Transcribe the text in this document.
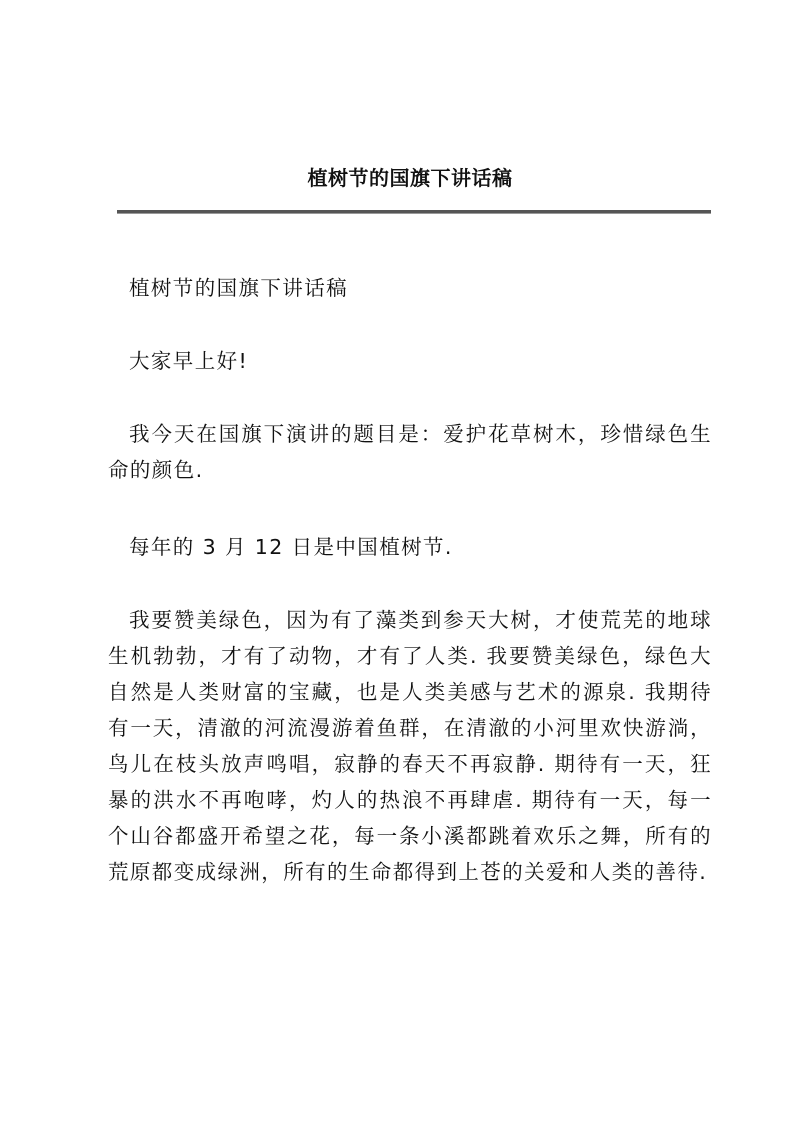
植树节的国旗下讲话稿

植树节的国旗下讲话稿

大家早上好!

我今天在国旗下演讲的题目是：爱护花草树木，珍惜绿色生命的颜色.

每年的 3 月 12 日是中国植树节.

我要赞美绿色，因为有了藻类到参天大树，才使荒芜的地球生机勃勃，才有了动物，才有了人类. 我要赞美绿色，绿色大自然是人类财富的宝藏，也是人类美感与艺术的源泉. 我期待有一天，清澈的河流漫游着鱼群，在清澈的小河里欢快游淌，鸟儿在枝头放声鸣唱，寂静的春天不再寂静. 期待有一天，狂暴的洪水不再咆哮，灼人的热浪不再肆虐. 期待有一天，每一个山谷都盛开希望之花，每一条小溪都跳着欢乐之舞，所有的荒原都变成绿洲，所有的生命都得到上苍的关爱和人类的善待.
